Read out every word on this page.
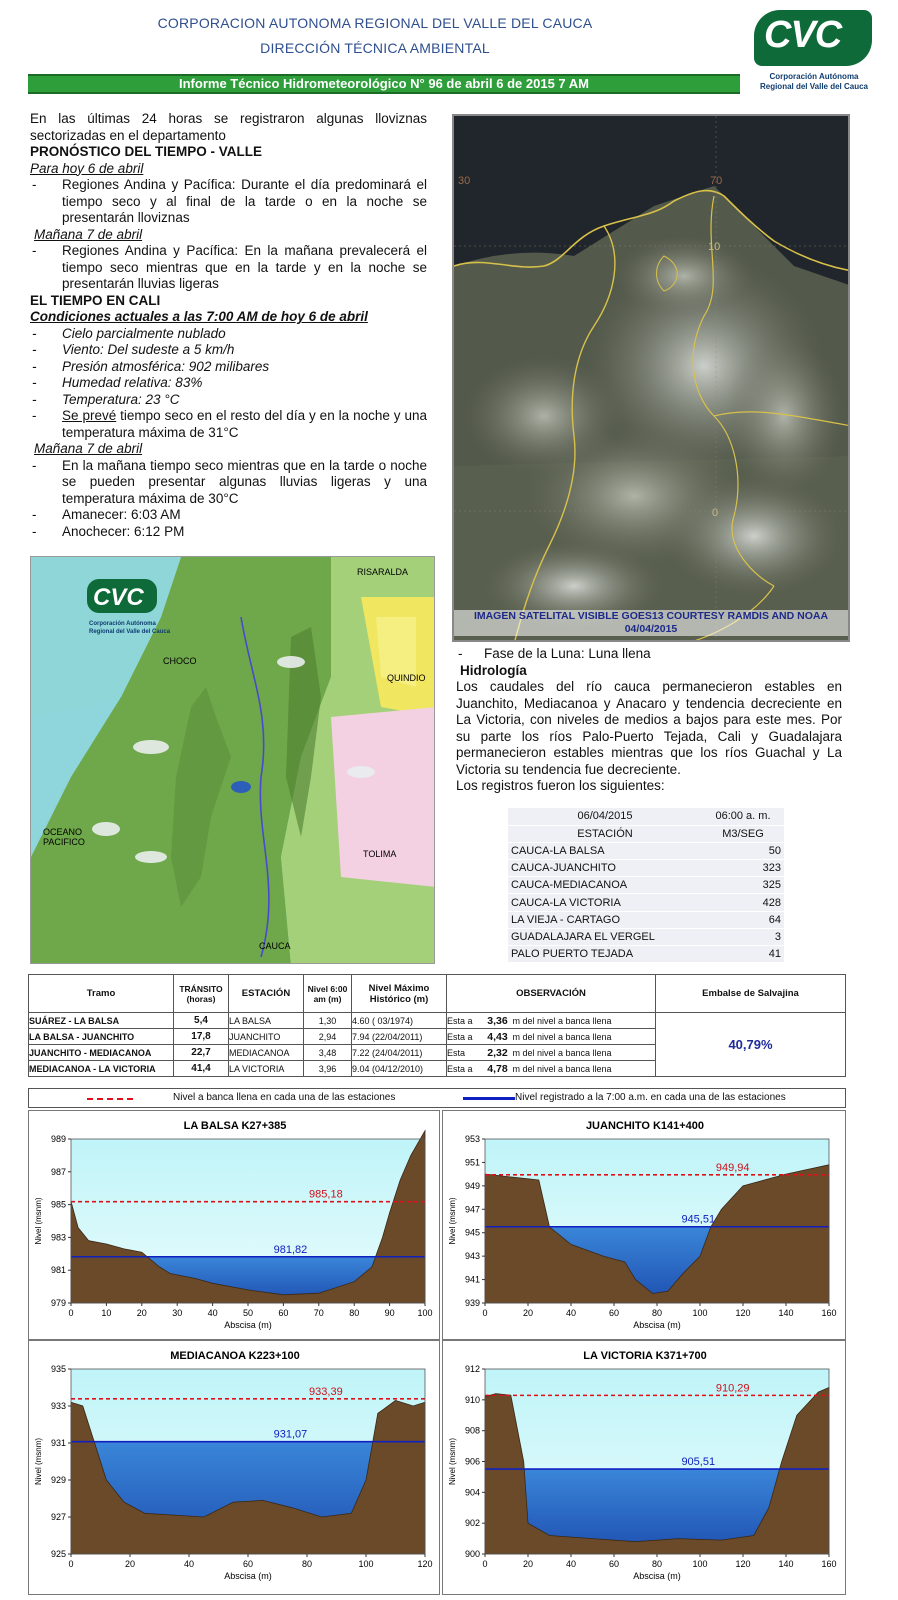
CORPORACION AUTONOMA REGIONAL DEL VALLE DEL CAUCA
DIRECCIÓN TÉCNICA AMBIENTAL
Informe Técnico Hidrometeorológico N° 96 de abril 6 de 2015 7 AM
CVC
Corporación Autónoma
Regional del Valle del Cauca

En las últimas 24 horas se registraron algunas lloviznas sectorizadas en el departamento

PRONÓSTICO DEL TIEMPO - VALLE

Para hoy 6 de abril

- Regiones Andina y Pacífica: Durante el día predominará el tiempo seco y al final de la tarde o en la noche se presentarán lloviznas

Mañana 7 de abril

- Regiones Andina y Pacífica: En la mañana prevalecerá el tiempo seco mientras que en la tarde y en la noche se presentarán lluvias ligeras

EL TIEMPO EN CALI

Condiciones actuales a las 7:00 AM de hoy 6 de abril

- Cielo parcialmente nublado

- Viento: Del sudeste a 5 km/h

- Presión atmosférica: 902 milibares

- Humedad relativa: 83%

- Temperatura: 23 °C

- Se prevé tiempo seco en el resto del día y en la noche y una temperatura máxima de 31°C

Mañana 7 de abril

- En la mañana tiempo seco mientras que en la tarde o noche se pueden presentar algunas lluvias ligeras y una temperatura máxima de 30°C

- Amanecer: 6:03 AM

- Anochecer: 6:12 PM

30	70
10
0
IMAGEN SATELITAL VISIBLE GOES13 COURTESY RAMDIS AND NOAA
04/04/2015
CVC
Corporación Autónoma
Regional del Valle del Cauca
RISARALDA
CHOCO
QUINDIO
OCEANO
PACIFICO
TOLIMA
CAUCA

- Fase de la Luna: Luna llena

Hidrología

Los caudales del río cauca permanecieron estables en Juanchito, Mediacanoa y Anacaro y tendencia decreciente en La Victoria, con niveles de medios a bajos para este mes. Por su parte los ríos Palo-Puerto Tejada, Cali y Guadalajara permanecieron estables mientras que los ríos Guachal y La Victoria su tendencia fue decreciente.

Los registros fueron los siguientes:

06/04/2015	06:00 a. m.
ESTACIÓN	M3/SEG
CAUCA-LA BALSA	50
CAUCA-JUANCHITO	323
CAUCA-MEDIACANOA	325
CAUCA-LA VICTORIA	428
LA VIEJA - CARTAGO	64
GUADALAJARA EL VERGEL	3
PALO PUERTO TEJADA	41
Tramo	TRÁNSITO (horas)	ESTACIÓN	Nivel 6:00 am (m)	Nivel Máximo Histórico (m)	OBSERVACIÓN			Embalse de Salvajina
SUÁREZ - LA BALSA	5,4	LA BALSA	1,30	4.60 ( 03/1974)	Esta a	3,36	m del nivel a banca llena	40,79%
LA BALSA - JUANCHITO	17,8	JUANCHITO	2,94	7.94 (22/04/2011)	Esta a	4,43	m del nivel a banca llena	
JUANCHITO - MEDIACANOA	22,7	MEDIACANOA	3,48	7.22 (24/04/2011)	Esta	2,32	m del nivel a banca llena	
MEDIACANOA - LA VICTORIA	41,4	LA VICTORIA	3,96	9.04 (04/12/2010)	Esta a	4,78	m del nivel a banca llena	
Nivel a banca llena en cada una de las estaciones	Nivel registrado a la 7:00 a.m. en cada una de las estaciones
LA BALSA K27+385
985,18
981,82
979
981
983
985
987
989
0	10	20	30	40	50	60	70	80	90	100
Abscisa (m)
Nivel (msnm)
JUANCHITO K141+400
949,94
945,51
939
941
943
945
947
949
951
953
0	20	40	60	80	100	120	140	160
Abscisa (m)
Nivel (msnm)
MEDIACANOA K223+100
933,39
931,07
925
927
929
931
933
935
0	20	40	60	80	100	120
Abscisa (m)
Nivel (msnm)
LA VICTORIA K371+700
910,29
905,51
900
902
904
906
908
910
912
0	20	40	60	80	100	120	140	160
Abscisa (m)
Nivel (msnm)
